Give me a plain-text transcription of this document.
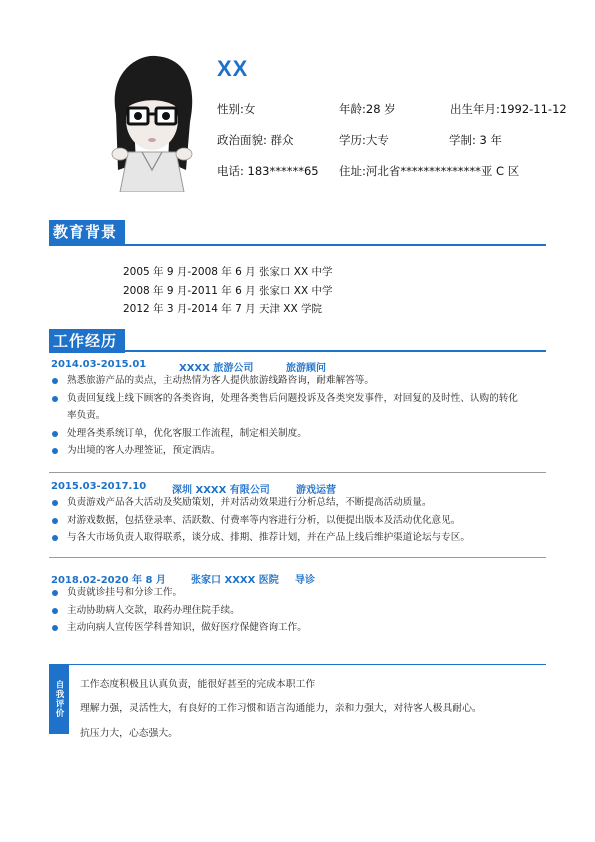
XX
性别:女	年龄:28 岁	出生年月:1992-11-12
政治面貌: 群众	学历:大专	学制: 3 年
电话: 183******65 住址:河北省**************亚 C 区
教育背景
2005 年 9 月-2008 年 6 月 张家口 XX 中学
2008 年 9 月-2011 年 6 月 张家口 XX 中学
2012 年 3 月-2014 年 7 月 天津 XX 学院
工作经历
2014.03-2015.01	XXXX 旅游公司	旅游顾问
熟悉旅游产品的卖点，主动热情为客人提供旅游线路咨询，耐难解答等。
负责回复线上线下顾客的各类咨询，处理各类售后问题投诉及各类突发事件，对回复的及时性、认购的转化率负责。
处理各类系统订单，优化客服工作流程，制定相关制度。
为出境的客人办理签证，预定酒店。
2015.03-2017.10	深圳 XXXX 有限公司	游戏运营
负责游戏产品各大活动及奖励策划，并对活动效果进行分析总结，不断提高活动质量。
对游戏数据，包括登录率、活跃数、付费率等内容进行分析，以便提出版本及活动优化意见。
与各大市场负责人取得联系，谈分成、排期、推荐计划，并在产品上线后维护渠道论坛与专区。
2018.02-2020 年 8 月	张家口 XXXX 医院 导诊
负责就诊挂号和分诊工作。
主动协助病人交款，取药办理住院手续。
主动向病人宣传医学科普知识，做好医疗保健咨询工作。
自我评价	工作态度积极且认真负责，能很好甚至的完成本职工作
理解力强，灵活性大，有良好的工作习惯和语言沟通能力，亲和力强大，对待客人极具耐心。
抗压力大，心态强大。
